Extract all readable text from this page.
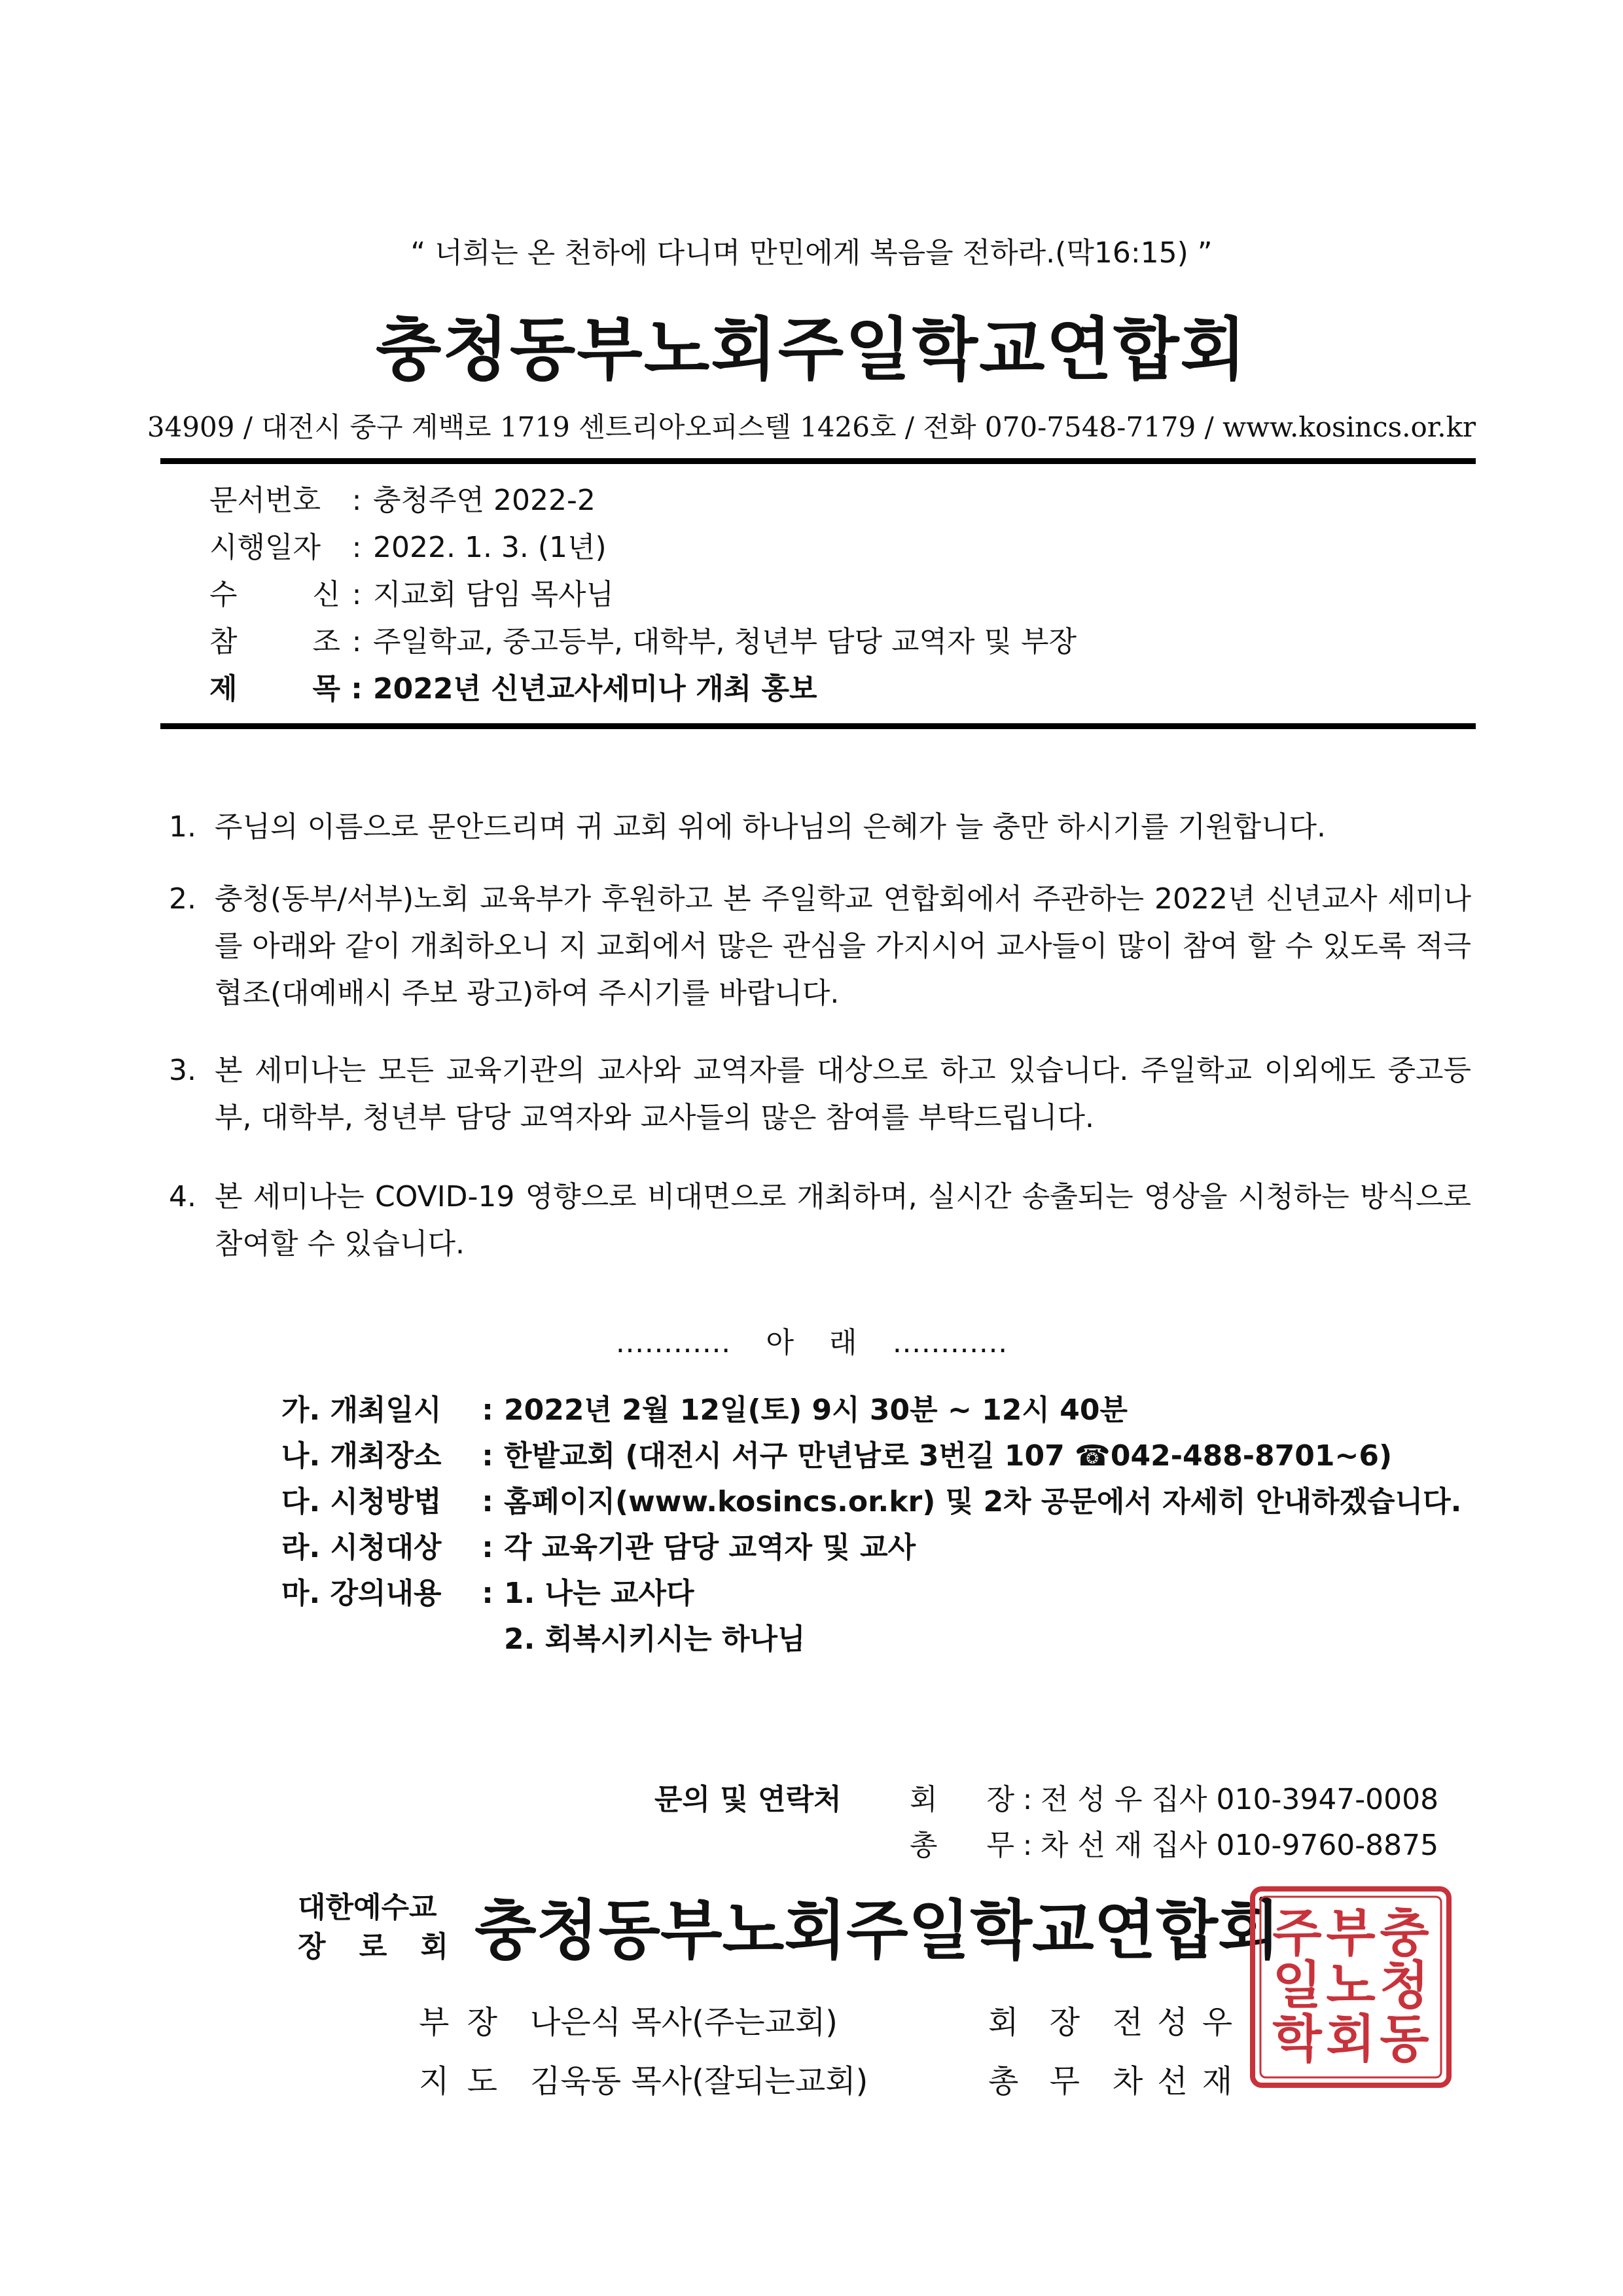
“ 너희는 온 천하에 다니며 만민에게 복음을 전하라.(막16:15) ”
충청동부노회주일학교연합회
34909 / 대전시 중구 계백로 1719 센트리아오피스텔 1426호 / 전화 070-7548-7179 / www.kosincs.or.kr
문서번호	: 충청주연 2022-2
시행일자	: 2022. 1. 3. (1년)
수	신 : 지교회 담임 목사님
참	조 : 주일학교, 중고등부, 대학부, 청년부 담당 교역자 및 부장
제	목 : 2022년 신년교사세미나 개최 홍보
1. 주님의 이름으로 문안드리며 귀 교회 위에 하나님의 은혜가 늘 충만 하시기를 기원합니다.
2. 충청(동부/서부)노회 교육부가 후원하고 본 주일학교 연합회에서 주관하는 2022년 신년교사 세미나를 아래와 같이 개최하오니 지 교회에서 많은 관심을 가지시어 교사들이 많이 참여 할 수 있도록 적극 협조(대예배시 주보 광고)하여 주시기를 바랍니다.
3. 본 세미나는 모든 교육기관의 교사와 교역자를 대상으로 하고 있습니다. 주일학교 이외에도 중고등부, 대학부, 청년부 담당 교역자와 교사들의 많은 참여를 부탁드립니다.
4. 본 세미나는 COVID-19 영향으로 비대면으로 개최하며, 실시간 송출되는 영상을 시청하는 방식으로 참여할 수 있습니다.
………… 아 래 …………
가. 개최일시	: 2022년 2월 12일(토) 9시 30분 ~ 12시 40분
나. 개최장소	: 한밭교회 (대전시 서구 만년남로 3번길 107 ☎042-488-8701~6)
다. 시청방법	: 홈페이지(www.kosincs.or.kr) 및 2차 공문에서 자세히 안내하겠습니다.
라. 시청대상	: 각 교육기관 담당 교역자 및 교사
마. 강의내용	: 1. 나는 교사다
2. 회복시키시는 하나님
문의 및 연락처	회 장 : 전 성 우 집사 010-3947-0008
총 무 : 차 선 재 집사 010-9760-8875
대한예수교
장 로 회 충청동부노회주일학교연합회
부 장	나은식 목사(주는교회)	회 장	전성우
지 도	김욱동 목사(잘되는교회)	총 무	차선재
충
청
동
부
노
회
주
일
학
